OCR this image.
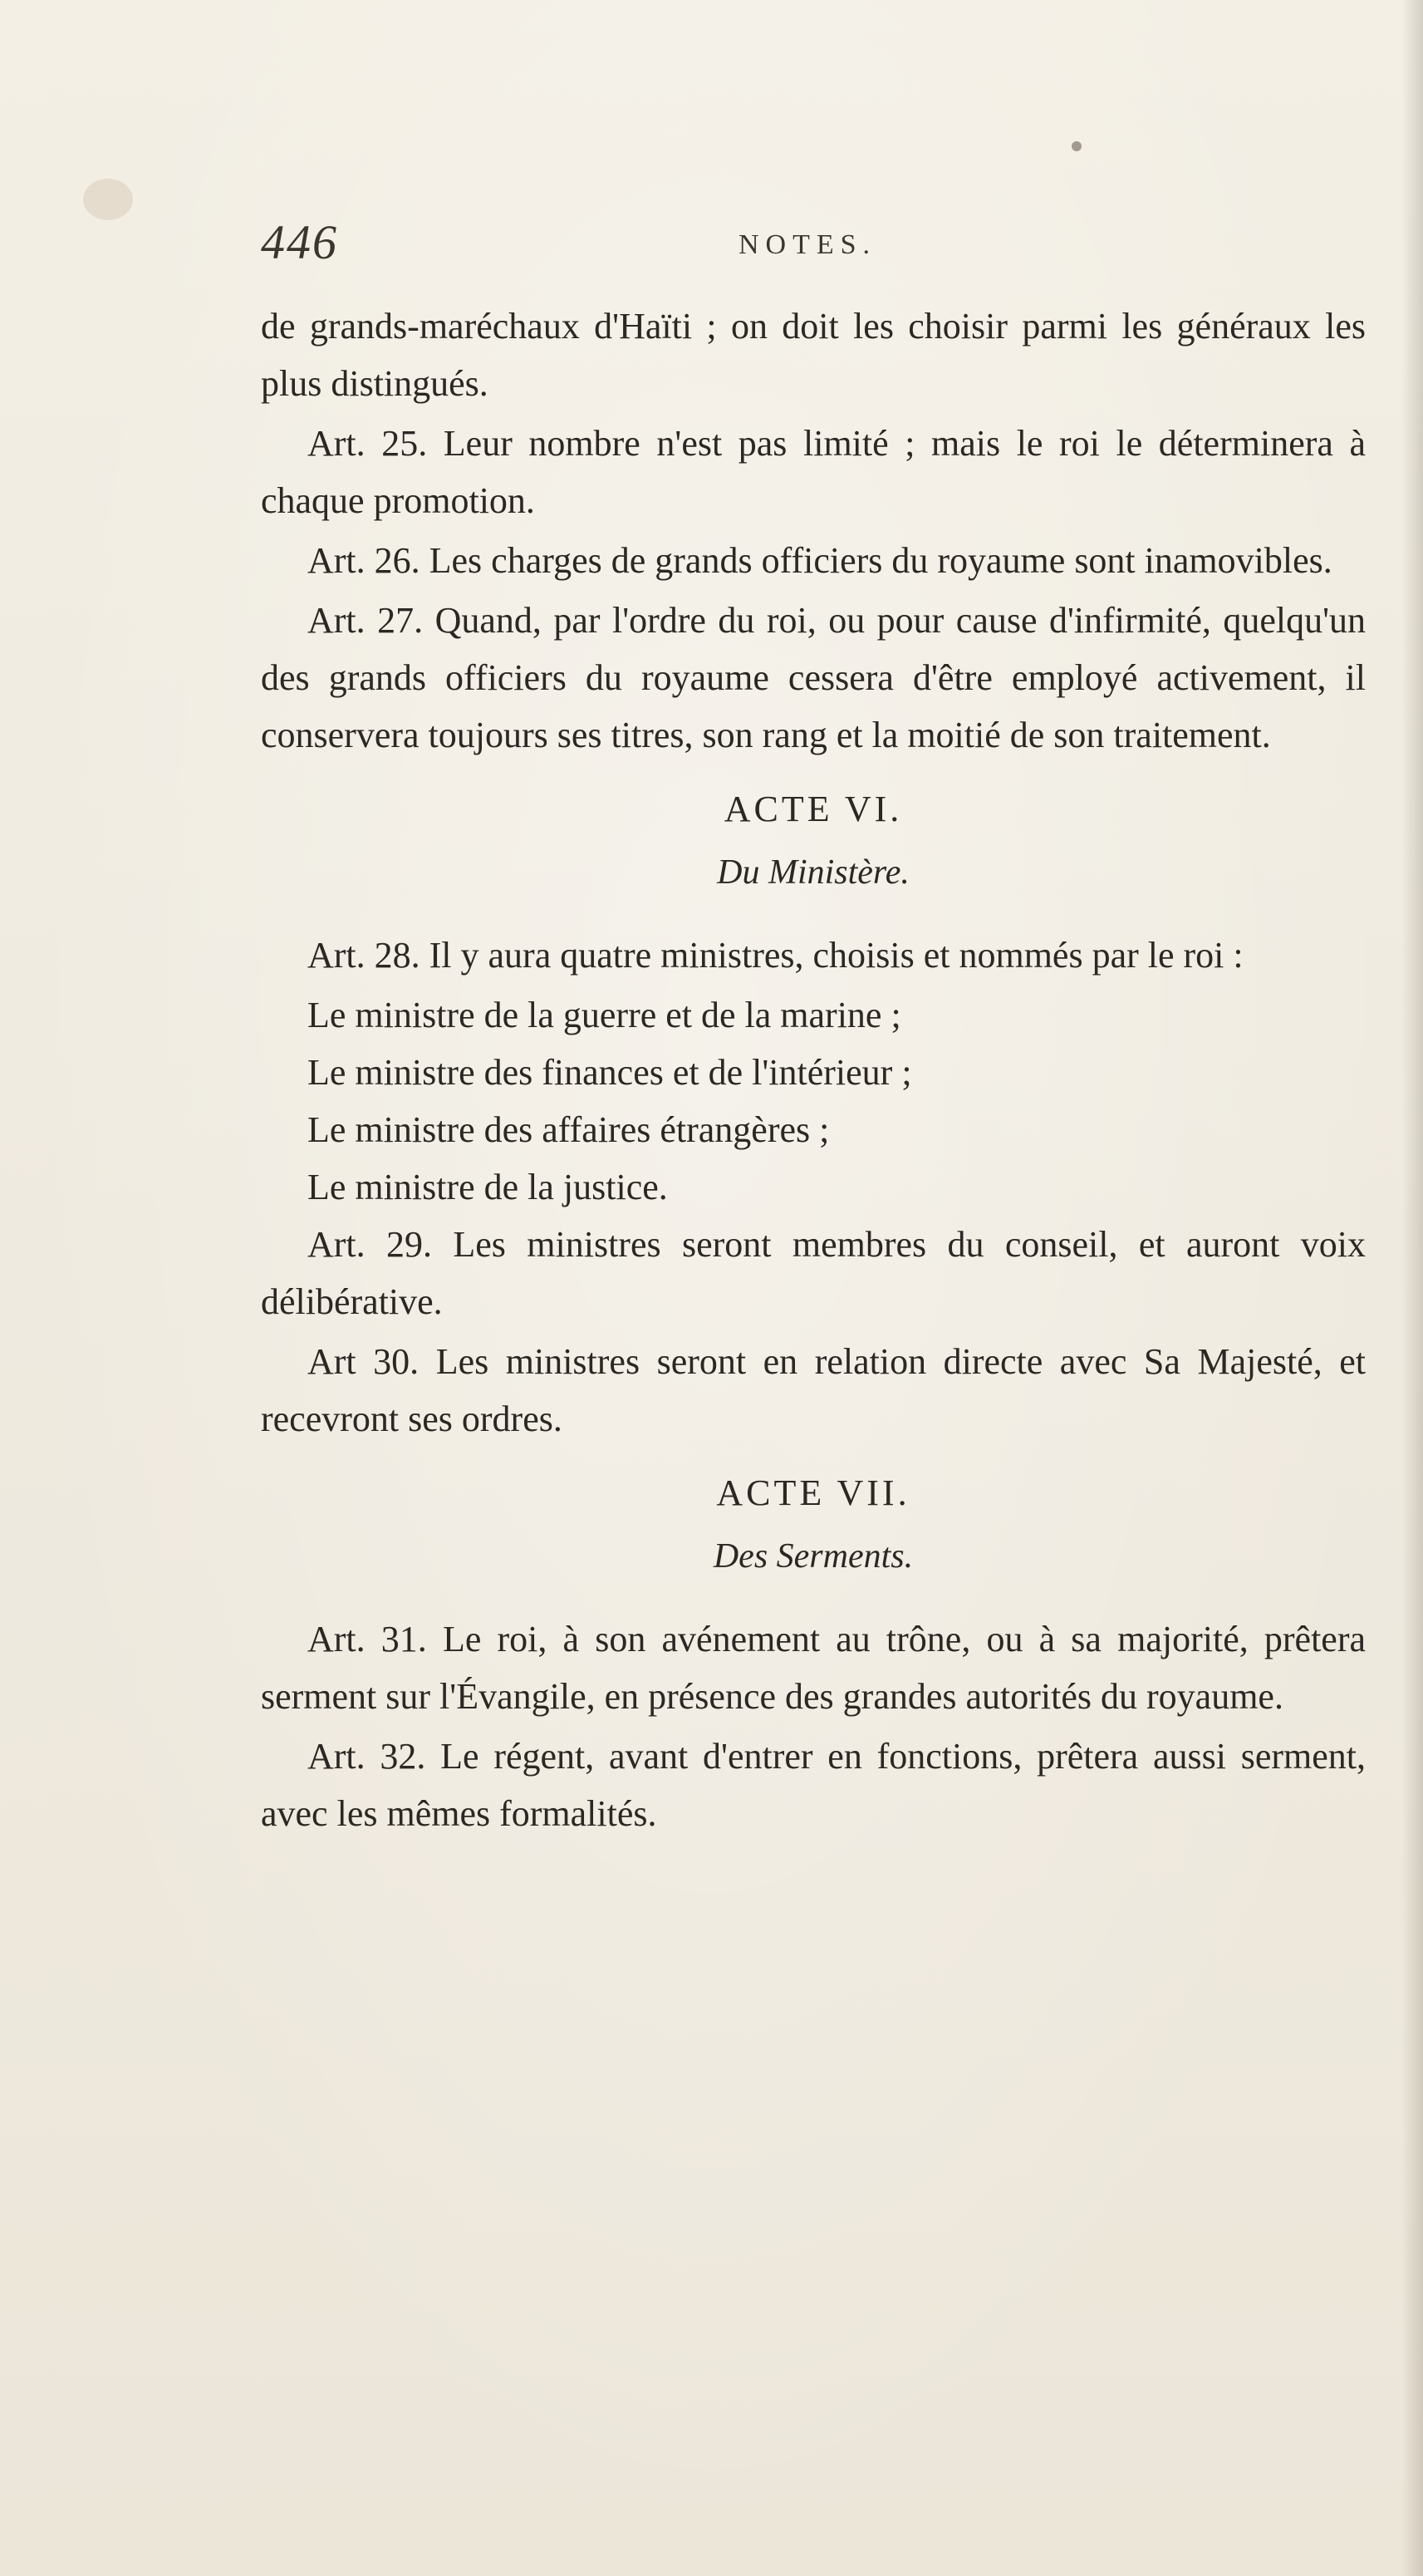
446	NOTES.

de grands-maréchaux d'Haïti ; on doit les choisir parmi les généraux les plus distingués.

Art. 25. Leur nombre n'est pas limité ; mais le roi le déterminera à chaque promotion.

Art. 26. Les charges de grands officiers du royaume sont inamovibles.

Art. 27. Quand, par l'ordre du roi, ou pour cause d'infirmité, quelqu'un des grands officiers du royaume cessera d'être employé activement, il conservera toujours ses titres, son rang et la moitié de son traitement.

ACTE VI.
Du Ministère.

Art. 28. Il y aura quatre ministres, choisis et nommés par le roi :

Le ministre de la guerre et de la marine ;

Le ministre des finances et de l'intérieur ;

Le ministre des affaires étrangères ;

Le ministre de la justice.

Art. 29. Les ministres seront membres du conseil, et auront voix délibérative.

Art 30. Les ministres seront en relation directe avec Sa Majesté, et recevront ses ordres.

ACTE VII.
Des Serments.

Art. 31. Le roi, à son avénement au trône, ou à sa majorité, prêtera serment sur l'Évangile, en présence des grandes autorités du royaume.

Art. 32. Le régent, avant d'entrer en fonctions, prêtera aussi serment, avec les mêmes formalités.
